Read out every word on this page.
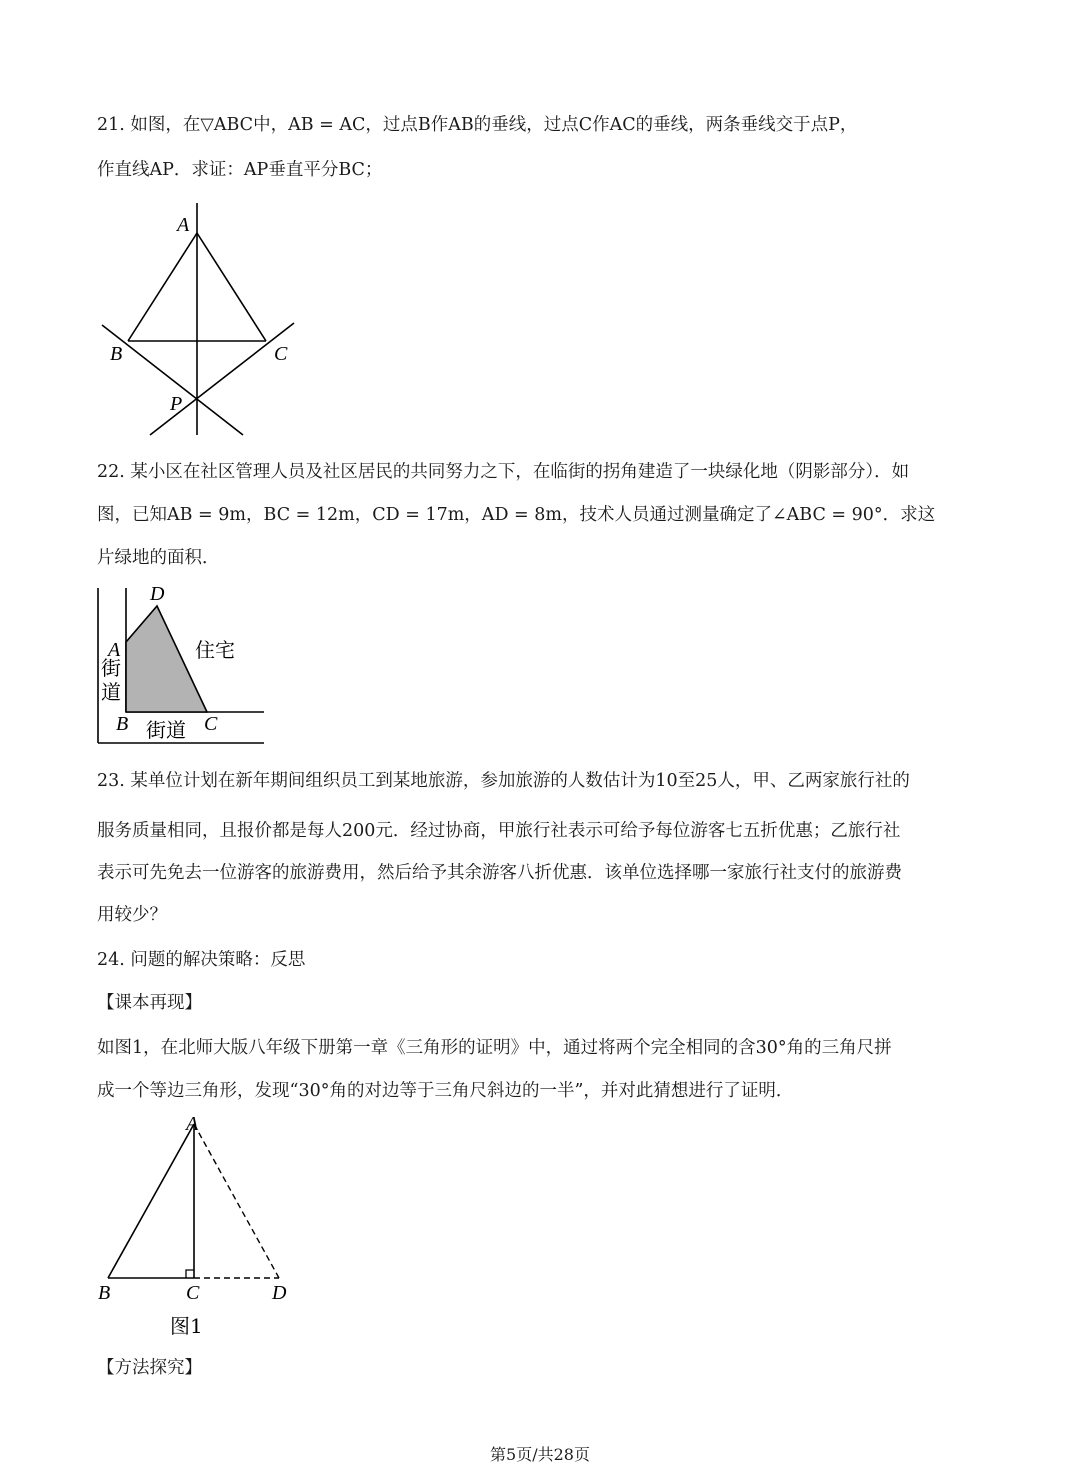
21. 如图，在▽ABC中，AB = AC，过点B作AB的垂线，过点C作AC的垂线，两条垂线交于点P，
作直线AP．求证：AP垂直平分BC；
A
B	C
P
22. 某小区在社区管理人员及社区居民的共同努力之下，在临街的拐角建造了一块绿化地（阴影部分）．如
图，已知AB = 9m，BC = 12m，CD = 17m，AD = 8m，技术人员通过测量确定了∠ABC = 90°．求这
片绿地的面积．
A
D
B	C
街
道
街道
住宅
23. 某单位计划在新年期间组织员工到某地旅游，参加旅游的人数估计为10至25人，甲、乙两家旅行社的
服务质量相同，且报价都是每人200元．经过协商，甲旅行社表示可给予每位游客七五折优惠；乙旅行社
表示可先免去一位游客的旅游费用，然后给予其余游客八折优惠．该单位选择哪一家旅行社支付的旅游费
用较少？
24. 问题的解决策略：反思
【课本再现】
如图1，在北师大版八年级下册第一章《三角形的证明》中，通过将两个完全相同的含30°角的三角尺拼
成一个等边三角形，发现“30°角的对边等于三角尺斜边的一半”，并对此猜想进行了证明．
A
B	C	D
图1
【方法探究】
第5页/共28页
